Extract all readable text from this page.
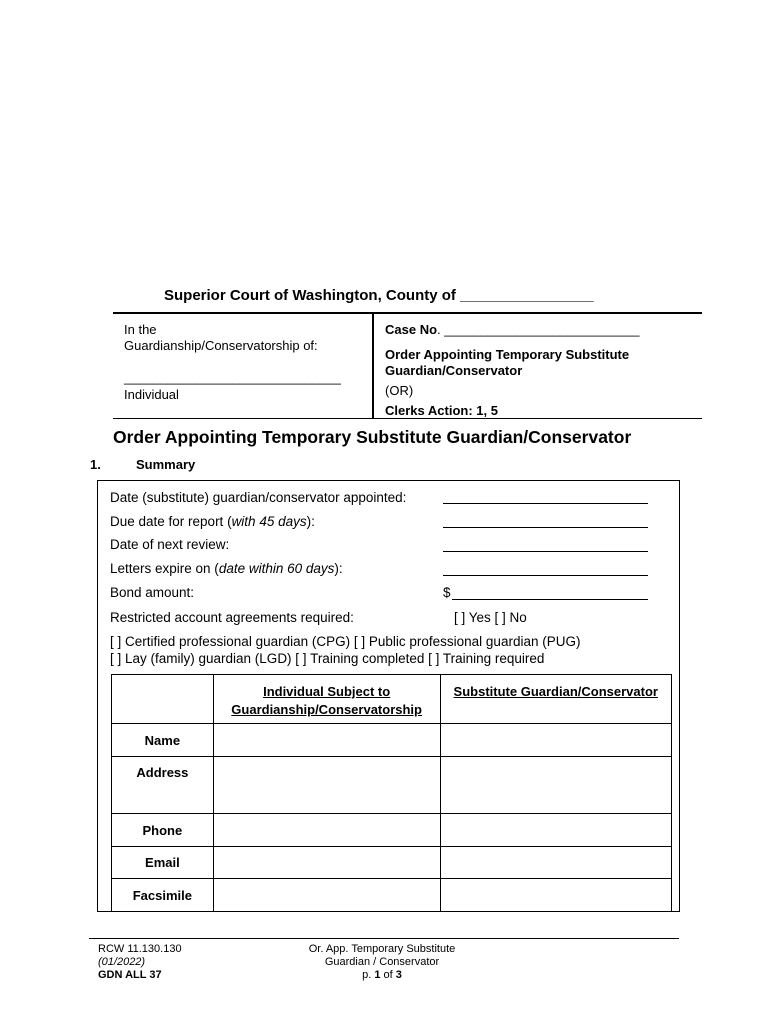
Superior Court of Washington, County of ________________
In the
Guardianship/Conservatorship of:
______________________________
Individual
Case No. ___________________________
Order Appointing Temporary Substitute
Guardian/Conservator
(OR)
Clerks Action: 1, 5
Order Appointing Temporary Substitute Guardian/Conservator
1.	Summary
Date (substitute) guardian/conservator appointed:
Due date for report (with 45 days):
Date of next review:
Letters expire on (date within 60 days):
Bond amount:	$
Restricted account agreements required:	[ ] Yes [ ] No
[ ] Certified professional guardian (CPG) [ ] Public professional guardian (PUG)
[ ] Lay (family) guardian (LGD) [ ] Training completed [ ] Training required
	Individual Subject to
Guardianship/Conservatorship	Substitute Guardian/Conservator
Name		
Address		
Phone		
Email		
Facsimile		
RCW 11.130.130
(01/2022)
GDN ALL 37
Or. App. Temporary Substitute
Guardian / Conservator
p. 1 of 3
